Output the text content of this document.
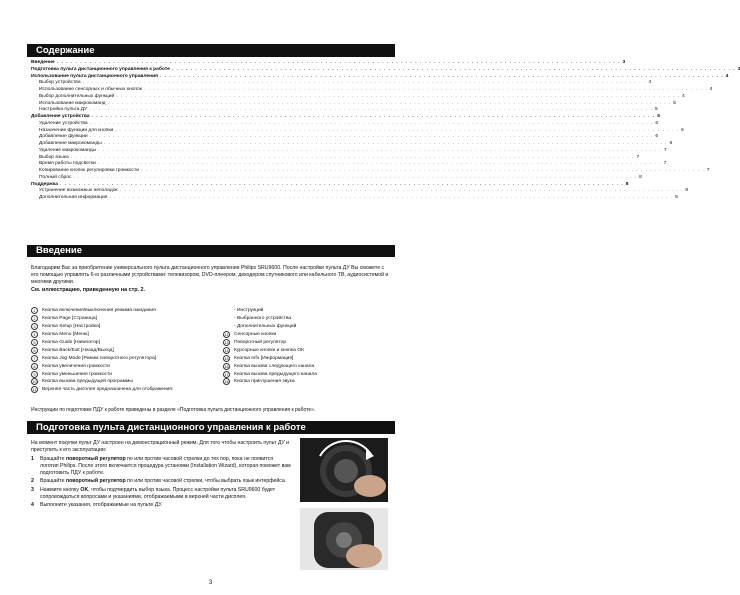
Содержание
Введение . . . . . . . . . . . . . . . . . . . . . . . . . . . . . . . . . . . . . . . . . . . . . . . . . . . . . . . . . . . . . . . . . . . . . . . . . . . . . . . . . . . . . . . . . . . . . . . . . . . . . . . . . . . . . . . . . . . . . . . . 3
Подготовка пульта дистанционного управления к работе . . . . . . . . . . . . . . . . . . . . . . . . . . . . . . . . . . . . . . . . . . . . . . . . . . . . . . . . . . . . . . . . . . . . . . . . . . . . . . . . . . . . . . . . . . . . . . . . . . . . . . . . . . . . . . . . . . . . . . . . 3
Использование пульта дистанционного управления . . . . . . . . . . . . . . . . . . . . . . . . . . . . . . . . . . . . . . . . . . . . . . . . . . . . . . . . . . . . . . . . . . . . . . . . . . . . . . . . . . . . . . . . . . . . . . . . . . . . . . . . . . . . . . . . . . . . . . . . 4
Выбор устройства . . . . . . . . . . . . . . . . . . . . . . . . . . . . . . . . . . . . . . . . . . . . . . . . . . . . . . . . . . . . . . . . . . . . . . . . . . . . . . . . . . . . . . . . . . . . . . . . . . . . . . . . . . . . . . . . . . . . . . . . 4
Использование сенсорных и обычных кнопок . . . . . . . . . . . . . . . . . . . . . . . . . . . . . . . . . . . . . . . . . . . . . . . . . . . . . . . . . . . . . . . . . . . . . . . . . . . . . . . . . . . . . . . . . . . . . . . . . . . . . . . . . . . . . . . . . . . . . . . . 4
Выбор дополнительных функций . . . . . . . . . . . . . . . . . . . . . . . . . . . . . . . . . . . . . . . . . . . . . . . . . . . . . . . . . . . . . . . . . . . . . . . . . . . . . . . . . . . . . . . . . . . . . . . . . . . . . . . . . . . . . . . . . . . . . . . . 4
Использование макрокоманд . . . . . . . . . . . . . . . . . . . . . . . . . . . . . . . . . . . . . . . . . . . . . . . . . . . . . . . . . . . . . . . . . . . . . . . . . . . . . . . . . . . . . . . . . . . . . . . . . . . . . . . . . . . . . . . . . . . . . . . . 5
Настройка пульта ДУ . . . . . . . . . . . . . . . . . . . . . . . . . . . . . . . . . . . . . . . . . . . . . . . . . . . . . . . . . . . . . . . . . . . . . . . . . . . . . . . . . . . . . . . . . . . . . . . . . . . . . . . . . . . . . . . . . . . . . . . . 5
Добавление устройства . . . . . . . . . . . . . . . . . . . . . . . . . . . . . . . . . . . . . . . . . . . . . . . . . . . . . . . . . . . . . . . . . . . . . . . . . . . . . . . . . . . . . . . . . . . . . . . . . . . . . . . . . . . . . . . . . . . . . . . . 5
Удаление устройства . . . . . . . . . . . . . . . . . . . . . . . . . . . . . . . . . . . . . . . . . . . . . . . . . . . . . . . . . . . . . . . . . . . . . . . . . . . . . . . . . . . . . . . . . . . . . . . . . . . . . . . . . . . . . . . . . . . . . . . . 6
Назначение функции для кнопки . . . . . . . . . . . . . . . . . . . . . . . . . . . . . . . . . . . . . . . . . . . . . . . . . . . . . . . . . . . . . . . . . . . . . . . . . . . . . . . . . . . . . . . . . . . . . . . . . . . . . . . . . . . . . . . . . . . . . . . . 6
Добавление функции . . . . . . . . . . . . . . . . . . . . . . . . . . . . . . . . . . . . . . . . . . . . . . . . . . . . . . . . . . . . . . . . . . . . . . . . . . . . . . . . . . . . . . . . . . . . . . . . . . . . . . . . . . . . . . . . . . . . . . . . 6
Добавление макрокоманды . . . . . . . . . . . . . . . . . . . . . . . . . . . . . . . . . . . . . . . . . . . . . . . . . . . . . . . . . . . . . . . . . . . . . . . . . . . . . . . . . . . . . . . . . . . . . . . . . . . . . . . . . . . . . . . . . . . . . . . . 6
Удаление макрокоманды . . . . . . . . . . . . . . . . . . . . . . . . . . . . . . . . . . . . . . . . . . . . . . . . . . . . . . . . . . . . . . . . . . . . . . . . . . . . . . . . . . . . . . . . . . . . . . . . . . . . . . . . . . . . . . . . . . . . . . . . 7
Выбор языка . . . . . . . . . . . . . . . . . . . . . . . . . . . . . . . . . . . . . . . . . . . . . . . . . . . . . . . . . . . . . . . . . . . . . . . . . . . . . . . . . . . . . . . . . . . . . . . . . . . . . . . . . . . . . . . . . . . . . . . . 7
Время работы подсветки . . . . . . . . . . . . . . . . . . . . . . . . . . . . . . . . . . . . . . . . . . . . . . . . . . . . . . . . . . . . . . . . . . . . . . . . . . . . . . . . . . . . . . . . . . . . . . . . . . . . . . . . . . . . . . . . . . . . . . . . 7
Копирование кнопок регулировки громкости . . . . . . . . . . . . . . . . . . . . . . . . . . . . . . . . . . . . . . . . . . . . . . . . . . . . . . . . . . . . . . . . . . . . . . . . . . . . . . . . . . . . . . . . . . . . . . . . . . . . . . . . . . . . . . . . . . . . . . . . 7
Полный сброс . . . . . . . . . . . . . . . . . . . . . . . . . . . . . . . . . . . . . . . . . . . . . . . . . . . . . . . . . . . . . . . . . . . . . . . . . . . . . . . . . . . . . . . . . . . . . . . . . . . . . . . . . . . . . . . . . . . . . . . . 8
Поддержка . . . . . . . . . . . . . . . . . . . . . . . . . . . . . . . . . . . . . . . . . . . . . . . . . . . . . . . . . . . . . . . . . . . . . . . . . . . . . . . . . . . . . . . . . . . . . . . . . . . . . . . . . . . . . . . . . . . . . . . . 8
Устранение возможных неполадок . . . . . . . . . . . . . . . . . . . . . . . . . . . . . . . . . . . . . . . . . . . . . . . . . . . . . . . . . . . . . . . . . . . . . . . . . . . . . . . . . . . . . . . . . . . . . . . . . . . . . . . . . . . . . . . . . . . . . . . . 8
Дополнительная информация . . . . . . . . . . . . . . . . . . . . . . . . . . . . . . . . . . . . . . . . . . . . . . . . . . . . . . . . . . . . . . . . . . . . . . . . . . . . . . . . . . . . . . . . . . . . . . . . . . . . . . . . . . . . . . . . . . . . . . . . 8
Введение
Благодарим Вас за приобретение универсального пульта дистанционного управления Philips SRU9600. После настройки пульта ДУ Вы сможете с его помощью управлять 6-ю различными устройствами: телевизором, DVD-плеером, декодером спутникового или кабельного ТВ, аудиосистемой и многими другими.
См. иллюстрацию, приведенную на стр. 2.
1	Кнопка включения/выключения режима ожидания
2	Кнопка Page [Страница]
3	Кнопка Setup [Настройка]
4	Кнопка Menu [Меню]
5	Кнопка Guide [Навигатор]
6	Кнопка Back/Exit [Назад/Выход]
7	Кнопка Jog Mode [Режим поворотного регулятора]
8	Кнопка увеличения громкости
9	Кнопка уменьшения громкости
10	Кнопка вызова предыдущей программы
11	Верхняя часть дисплея предназначена для отображения:
- Инструкций
- Выбранного устройства
- Дополнительных функций
12	Сенсорные кнопки
13	Поворотный регулятор
14	Курсорные кнопки и кнопка OK
15	Кнопка Info [Информация]
16	Кнопка вызова следующего канала
17	Кнопка вызова предыдущего канала
18	Кнопка приглушения звука
Инструкции по подготовке ПДУ к работе приведены в разделе «Подготовка пульта дистанционного управления к работе».
Подготовка пульта дистанционного управления к работе
На момент покупки пульт ДУ настроен на демонстрационный режим. Для того чтобы настроить пульт ДУ и приступить к его эксплуатации:
1	Вращайте поворотный регулятор по или против часовой стрелки до тех пор, пока не появится логотип Philips. После этого включается процедура установки (Installation Wizard), которая поможет вам подготовить ПДУ к работе.
2	Вращайте поворотный регулятор по или против часовой стрелки, чтобы выбрать язык интерфейса.
3	Нажмите кнопку OK, чтобы подтвердить выбор языка. Процесс настройки пульта SRU9600 будет сопровождаться вопросами и указаниями, отображаемыми в верхней части дисплея.
4	Выполните указания, отображаемые на пульте ДУ.
3
